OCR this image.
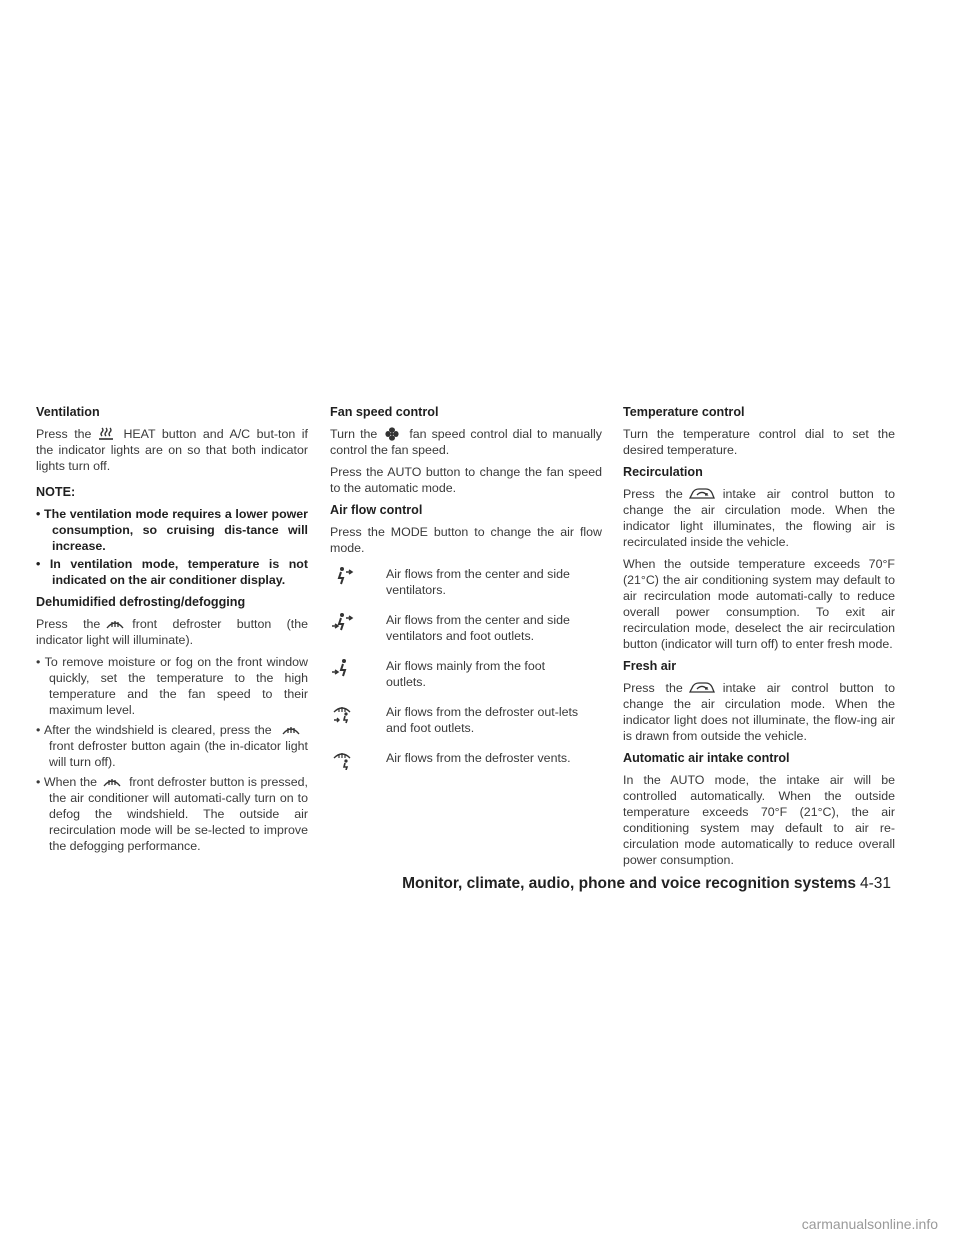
Ventilation

Press the	HEAT button and A/C but-ton if the indicator lights are on so that both indicator lights turn off.

NOTE:
• The ventilation mode requires a lower power consumption, so cruising dis-tance will increase.
• In ventilation mode, temperature is not indicated on the air conditioner display.
Dehumidified defrosting/defogging

Press the	front defroster button (the indicator light will illuminate).

• To remove moisture or fog on the front window quickly, set the temperature to the high temperature and the fan speed to their maximum level.

• After the windshield is cleared, press the
front defroster button again (the in-dicator light will turn off).

• When the	front defroster button is pressed, the air conditioner will automati-cally turn on to defog the windshield. The outside air recirculation mode will be se-lected to improve the defogging performance.

Fan speed control

Turn the	fan speed control dial to manually control the fan speed.

Press the AUTO button to change the fan speed to the automatic mode.

Air flow control

Press the MODE button to change the air flow mode.

Air flows from the center and side ventilators.
Air flows from the center and side ventilators and foot outlets.
Air flows mainly from the foot outlets.
Air flows from the defroster out-lets and foot outlets.
Air flows from the defroster vents.
Temperature control

Turn the temperature control dial to set the desired temperature.

Recirculation

Press the	intake air control button to change the air circulation mode. When the indicator light illuminates, the flowing air is recirculated inside the vehicle.

When the outside temperature exceeds 70°F (21°C) the air conditioning system may default to air recirculation mode automati-cally to reduce overall power consumption. To exit air recirculation mode, deselect the air recirculation button (indicator will turn off) to enter fresh mode.

Fresh air

Press the	intake air control button to change the air circulation mode. When the indicator light does not illuminate, the flow-ing air is drawn from outside the vehicle.

Automatic air intake control

In the AUTO mode, the intake air will be controlled automatically. When the outside temperature exceeds 70°F (21°C), the air conditioning system may default to air re-circulation mode automatically to reduce overall power consumption.

Monitor, climate, audio, phone and voice recognition systems 4-31
carmanualsonline.info
